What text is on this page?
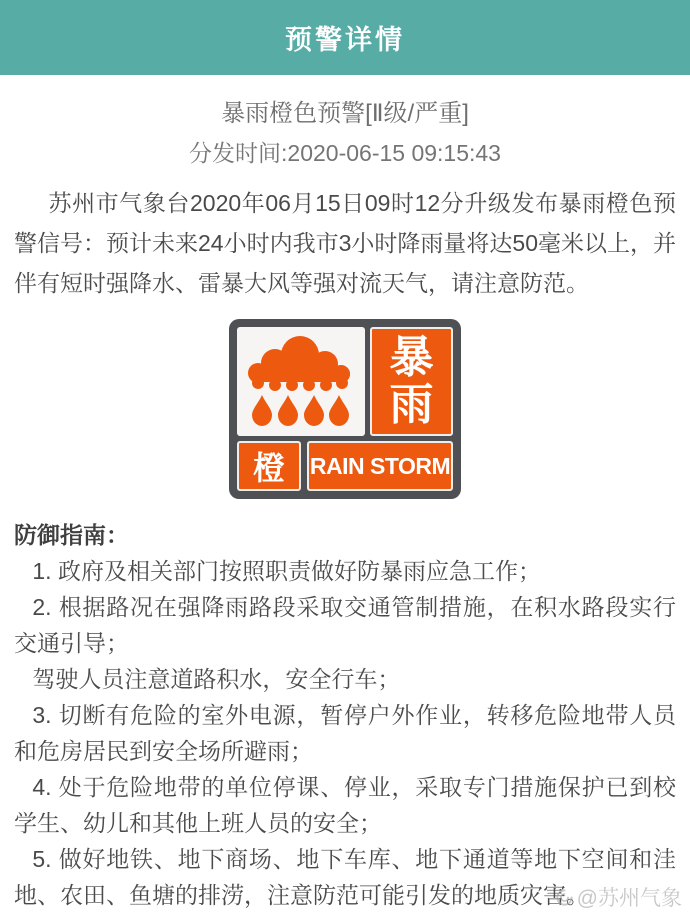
预警详情
暴雨橙色预警[Ⅱ级/严重]
分发时间:2020-06-15 09:15:43

苏州市气象台2020年06月15日09时12分升级发布暴雨橙色预警信号：预计未来24小时内我市3小时降雨量将达50毫米以上，并伴有短时强降水、雷暴大风等强对流天气，请注意防范。

暴
雨
橙	RAIN STORM
防御指南：

1. 政府及相关部门按照职责做好防暴雨应急工作；

2. 根据路况在强降雨路段采取交通管制措施，在积水路段实行交通引导；

驾驶人员注意道路积水，安全行车；

3. 切断有危险的室外电源，暂停户外作业，转移危险地带人员和危房居民到安全场所避雨；

4. 处于危险地带的单位停课、停业，采取专门措施保护已到校学生、幼儿和其他上班人员的安全；

5. 做好地铁、地下商场、地下车库、地下通道等地下空间和洼地、农田、鱼塘的排涝，注意防范可能引发的地质灾害。

@苏州气象
